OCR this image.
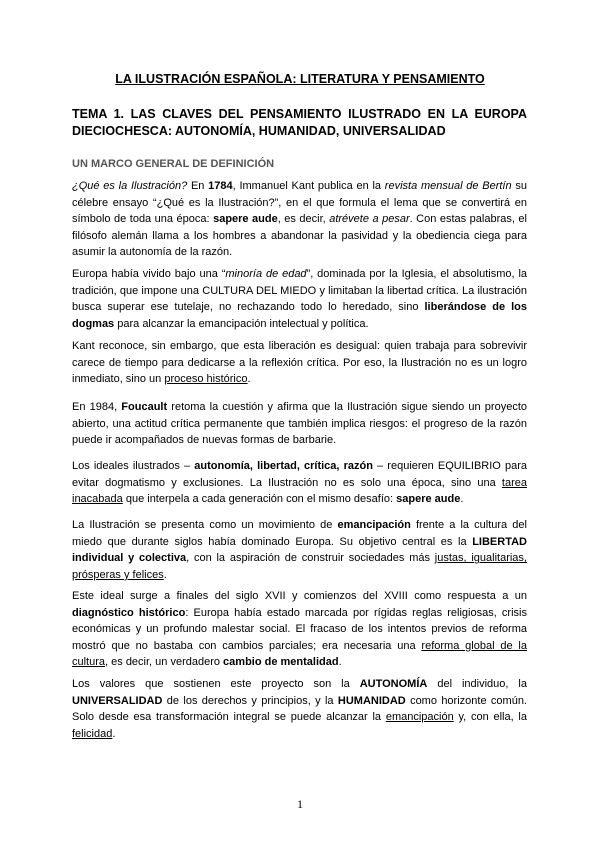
LA ILUSTRACIÓN ESPAÑOLA: LITERATURA Y PENSAMIENTO
TEMA 1. LAS CLAVES DEL PENSAMIENTO ILUSTRADO EN LA EUROPA DIECIOCHESCA: AUTONOMÍA, HUMANIDAD, UNIVERSALIDAD
UN MARCO GENERAL DE DEFINICIÓN

¿Qué es la Ilustración? En 1784, Immanuel Kant publica en la revista mensual de Bertín su célebre ensayo “¿Qué es la Ilustración?”, en el que formula el lema que se convertirá en símbolo de toda una época: sapere aude, es decir, atrévete a pesar. Con estas palabras, el filósofo alemán llama a los hombres a abandonar la pasividad y la obediencia ciega para asumir la autonomía de la razón.

Europa había vivido bajo una “minoría de edad”, dominada por la Iglesia, el absolutismo, la tradición, que impone una CULTURA DEL MIEDO y limitaban la libertad crítica. La ilustración busca superar ese tutelaje, no rechazando todo lo heredado, sino liberándose de los dogmas para alcanzar la emancipación intelectual y política.

Kant reconoce, sin embargo, que esta liberación es desigual: quien trabaja para sobrevivir carece de tiempo para dedicarse a la reflexión crítica. Por eso, la Ilustración no es un logro inmediato, sino un proceso histórico.

En 1984, Foucault retoma la cuestión y afirma que la Ilustración sigue siendo un proyecto abierto, una actitud crítica permanente que también implica riesgos: el progreso de la razón puede ir acompañados de nuevas formas de barbarie.

Los ideales ilustrados – autonomía, libertad, crítica, razón – requieren EQUILIBRIO para evitar dogmatismo y exclusiones. La Ilustración no es solo una época, sino una tarea inacabada que interpela a cada generación con el mismo desafío: sapere aude.

La Ilustración se presenta como un movimiento de emancipación frente a la cultura del miedo que durante siglos había dominado Europa. Su objetivo central es la LIBERTAD individual y colectiva, con la aspiración de construir sociedades más justas, igualitarias, prósperas y felices.

Este ideal surge a finales del siglo XVII y comienzos del XVIII como respuesta a un diagnóstico histórico: Europa había estado marcada por rígidas reglas religiosas, crisis económicas y un profundo malestar social. El fracaso de los intentos previos de reforma mostró que no bastaba con cambios parciales; era necesaria una reforma global de la cultura, es decir, un verdadero cambio de mentalidad.

Los valores que sostienen este proyecto son la AUTONOMÍA del individuo, la UNIVERSALIDAD de los derechos y principios, y la HUMANIDAD como horizonte común. Solo desde esa transformación integral se puede alcanzar la emancipación y, con ella, la felicidad.

1
